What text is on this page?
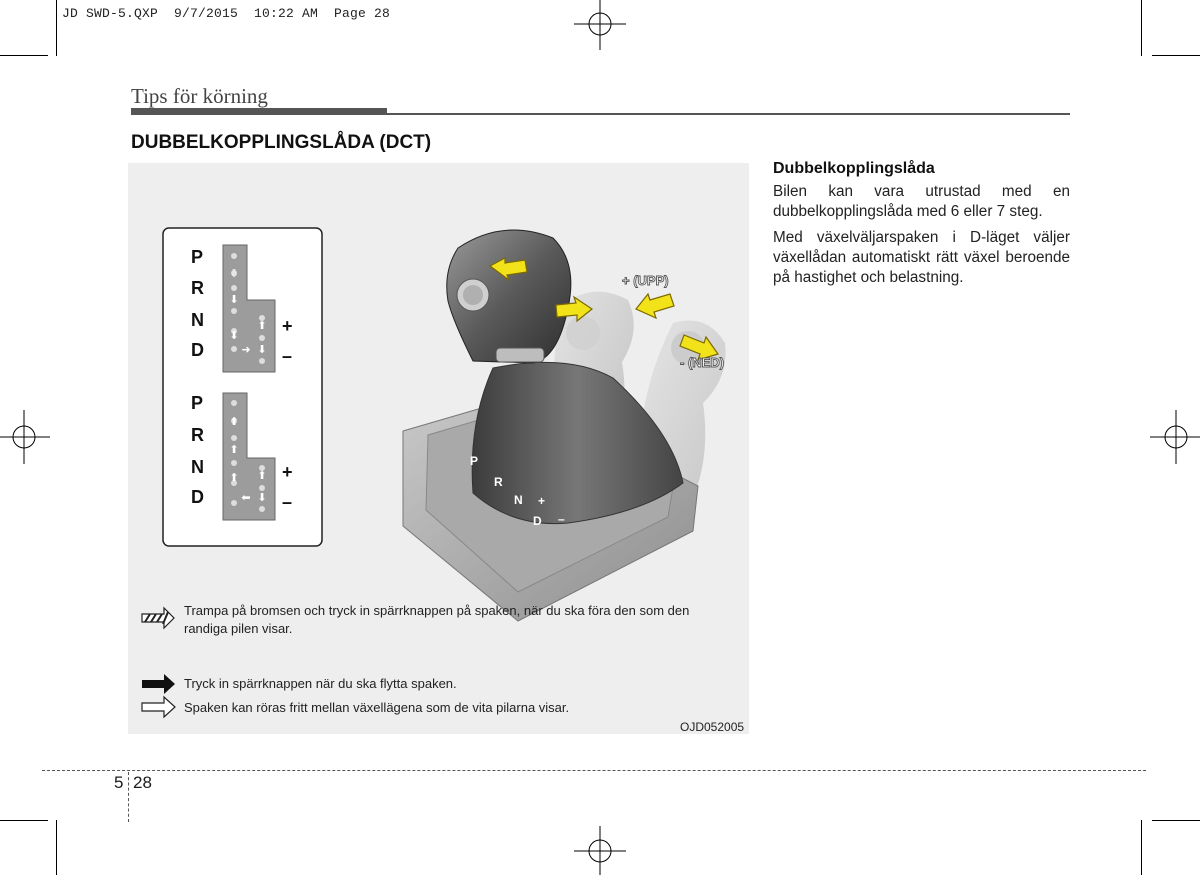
JD SWD-5.QXP  9/7/2015  10:22 AM  Page 28
Tips för körning
DUBBELKOPPLINGSLÅDA (DCT)
⇩
⬇
⬇
➜ ⬇
⬆
P
R
N
D
+
–
⬆
⬆
⬆
⬅ ⬇
⬆
P
R
N
D
+
–
+ (UPP)
- (NED)
P
R
N
D
+
–
Trampa på bromsen och tryck in spärrknappen på spaken, när du ska föra den som den randiga pilen visar.
Tryck in spärrknappen när du ska flytta spaken.
Spaken kan röras fritt mellan växellägena som de vita pilarna visar.
OJD052005
Dubbelkopplingslåda

Bilen kan vara utrustad med en dubbelkopplingslåda med 6 eller 7 steg.

Med växelväljarspaken i D-läget väljer växellådan automatiskt rätt växel beroende på hastighet och belastning.

5 28
